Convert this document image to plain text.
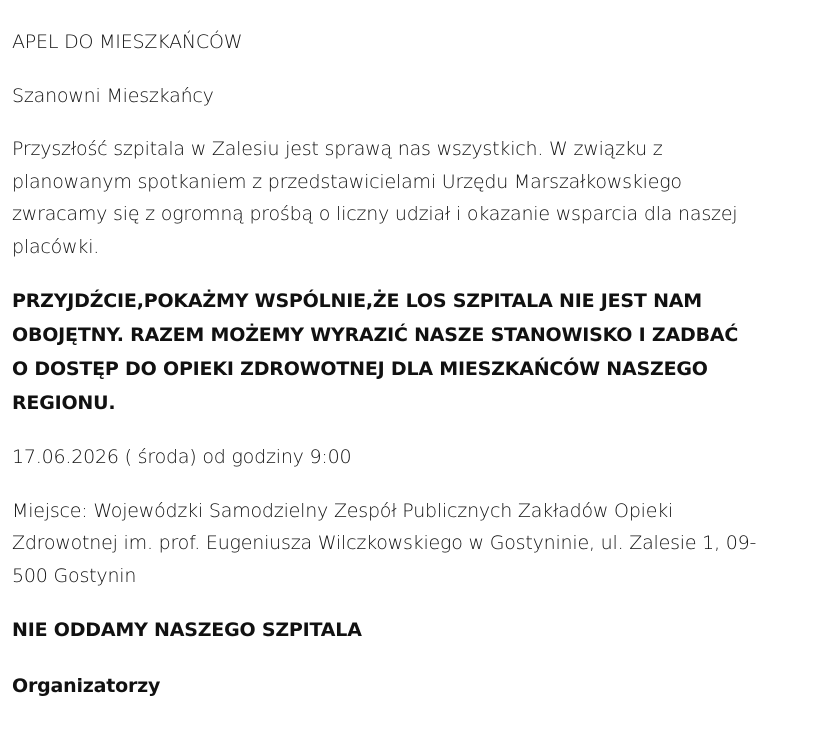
APEL DO MIESZKAŃCÓW

Szanowni Mieszkańcy

Przyszłość szpitala w Zalesiu jest sprawą nas wszystkich. W związku z planowanym spotkaniem z przedstawicielami Urzędu Marszałkowskiego zwracamy się z ogromną prośbą o liczny udział i okazanie wsparcia dla naszej placówki.

PRZYJDŹCIE,POKAŻMY WSPÓLNIE,ŻE LOS SZPITALA NIE JEST NAM OBOJĘTNY. RAZEM MOŻEMY WYRAZIĆ NASZE STANOWISKO I ZADBAĆ O DOSTĘP DO OPIEKI ZDROWOTNEJ DLA MIESZKAŃCÓW NASZEGO REGIONU.

17.06.2026 ( środa) od godziny 9:00

Miejsce: Wojewódzki Samodzielny Zespół Publicznych Zakładów Opieki Zdrowotnej im. prof. Eugeniusza Wilczkowskiego w Gostyninie, ul. Zalesie 1, 09-500 Gostynin

NIE ODDAMY NASZEGO SZPITALA

Organizatorzy
